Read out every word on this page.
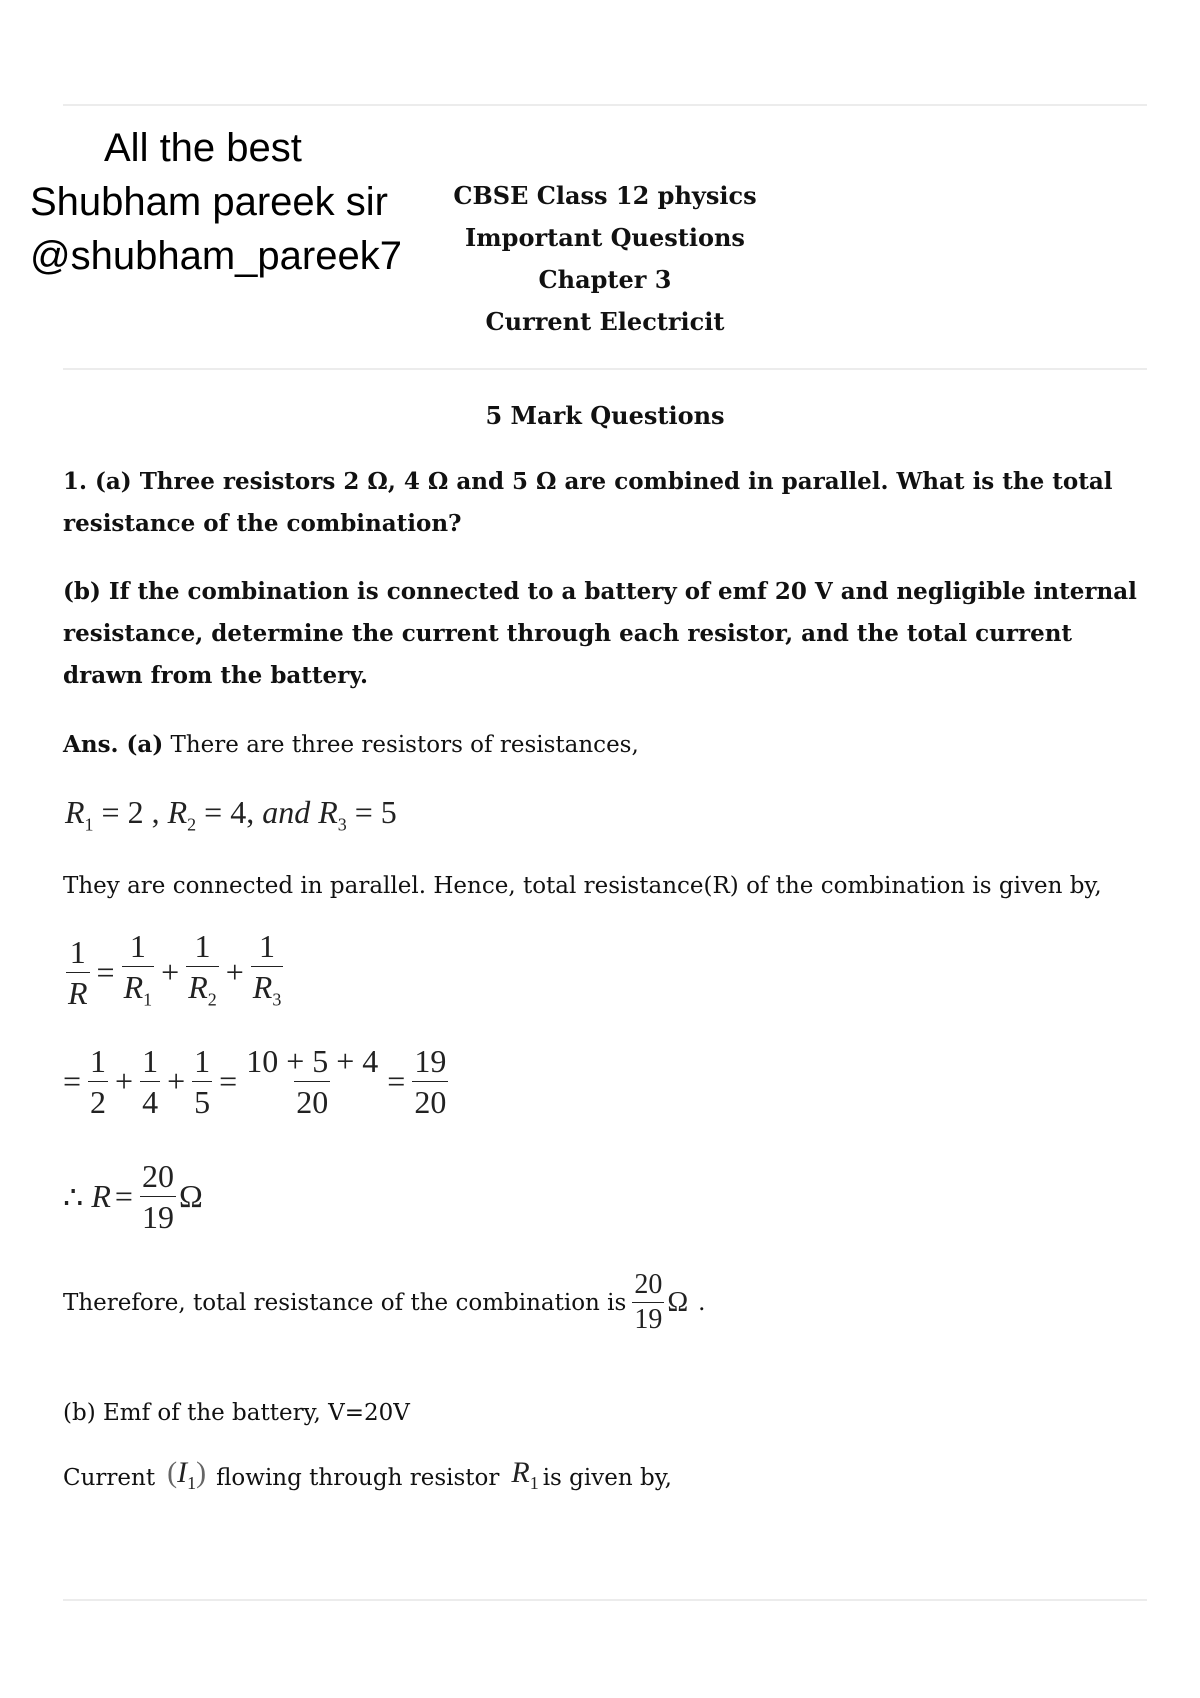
All the best
Shubham pareek sir
@shubham_pareek7
CBSE Class 12 physics
Important Questions
Chapter 3
Current Electricit
5 Mark Questions
1. (a) Three resistors 2 Ω, 4 Ω and 5 Ω are combined in parallel. What is the total resistance of the combination?
(b) If the combination is connected to a battery of emf 20 V and negligible internal resistance, determine the current through each resistor, and the total current drawn from the battery.
Ans. (a) There are three resistors of resistances,
$R_1 = 2$ , $R_2 = 4$, and $R_3 = 5$
They are connected in parallel. Hence, total resistance(R) of the combination is given by,
$\frac{1}{R} = \frac{1}{R_1} + \frac{1}{R_2} + \frac{1}{R_3}$
= $\frac{1}{2} + \frac{1}{4} + \frac{1}{5} = \frac{10 + 5 + 4}{20} = \frac{19}{20}$
∴ $R = \frac{20}{19}$ Ω
Therefore, total resistance of the combination is $\frac{20}{19}$ Ω .
(b) Emf of the battery, V=20V
Current $(I_1)$ flowing through resistor $R_1$ is given by,
